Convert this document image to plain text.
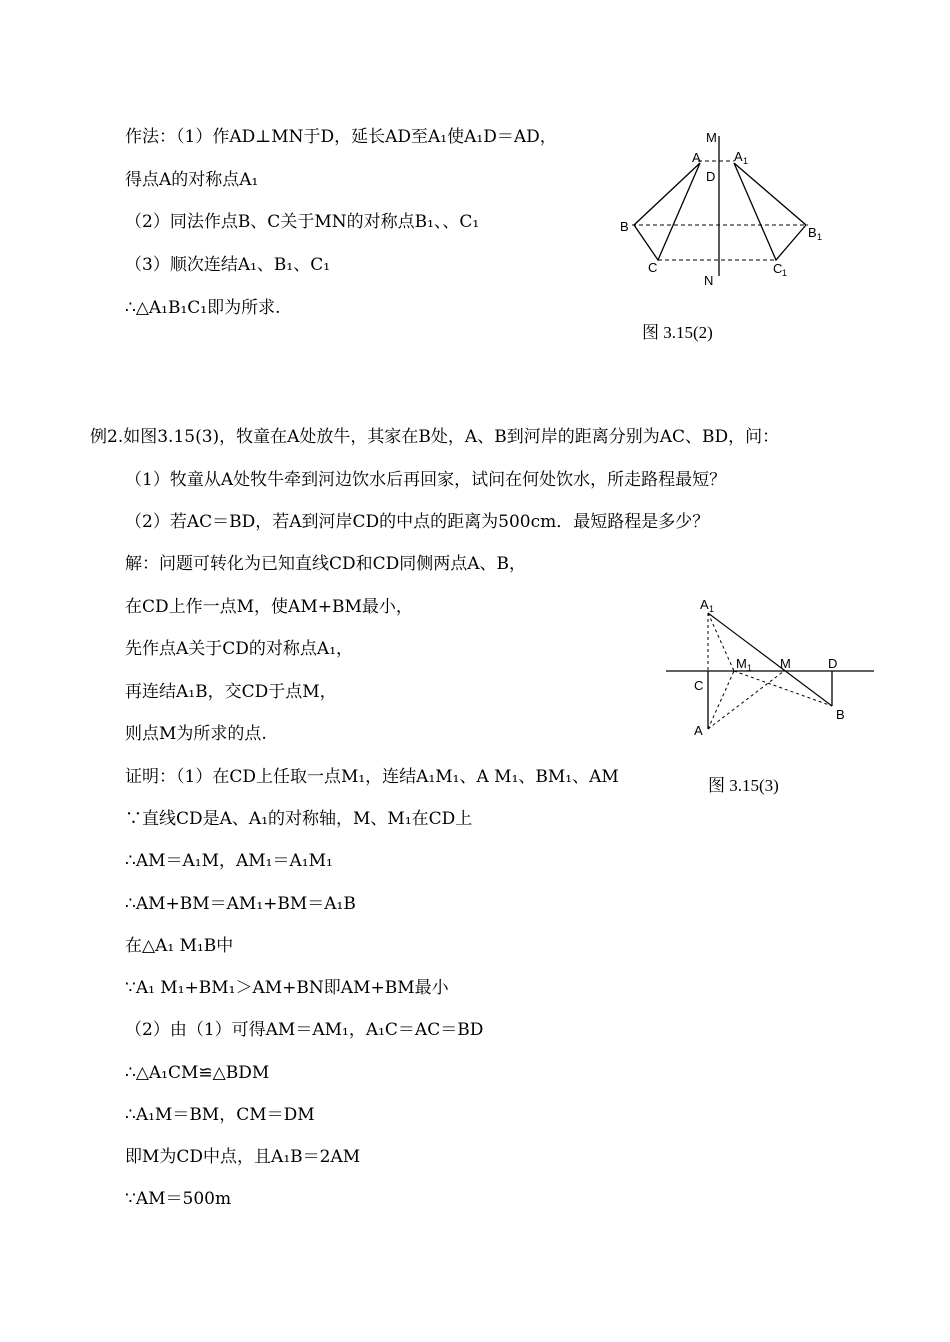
作法：（1）作AD⊥MN于D，延长AD至A₁使A₁D＝AD，
得点A的对称点A₁
（2）同法作点B、C关于MN的对称点B₁、、C₁
（3）顺次连结A₁、B₁、C₁
∴△A₁B₁C₁即为所求.
M
A	A 1
D
B	B 1
C	C 1
N
图 3.15(2)
例2.如图3.15(3)，牧童在A处放牛，其家在B处，A、B到河岸的距离分别为AC、BD，问：
（1）牧童从A处牧牛牵到河边饮水后再回家，试问在何处饮水，所走路程最短？
（2）若AC＝BD，若A到河岸CD的中点的距离为500cm．最短路程是多少？
解：问题可转化为已知直线CD和CD同侧两点A、B，
在CD上作一点M，使AM+BM最小，
先作点A关于CD的对称点A₁，
再连结A₁B，交CD于点M，
则点M为所求的点.
证明：（1）在CD上任取一点M₁，连结A₁M₁、A M₁、BM₁、AM
∵直线CD是A、A₁的对称轴，M、M₁在CD上
∴AM＝A₁M，AM₁＝A₁M₁
∴AM+BM＝AM₁+BM＝A₁B
在△A₁ M₁B中
∵A₁ M₁+BM₁＞AM+BN即AM+BM最小
（2）由（1）可得AM＝AM₁，A₁C＝AC＝BD
∴△A₁CM≌△BDM
∴A₁M＝BM，CM＝DM
即M为CD中点，且A₁B＝2AM
∵AM＝500m
A 1
M 1 M	D
C
A
B
图 3.15(3)
